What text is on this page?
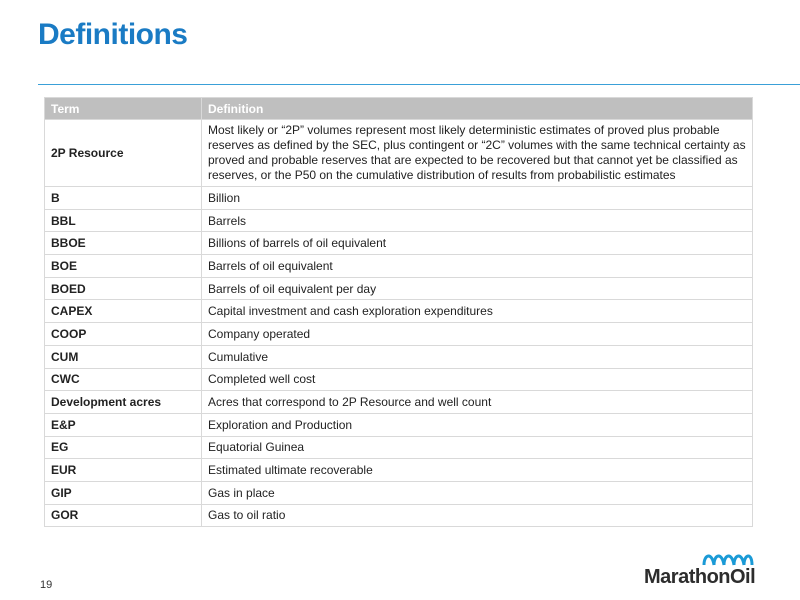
Definitions
Term	Definition
2P Resource	Most likely or “2P” volumes represent most likely deterministic estimates of proved plus probable reserves as defined by the SEC, plus contingent or “2C” volumes with the same technical certainty as proved and probable reserves that are expected to be recovered but that cannot yet be classified as reserves, or the P50 on the cumulative distribution of results from probabilistic estimates
B	Billion
BBL	Barrels
BBOE	Billions of barrels of oil equivalent
BOE	Barrels of oil equivalent
BOED	Barrels of oil equivalent per day
CAPEX	Capital investment and cash exploration expenditures
COOP	Company operated
CUM	Cumulative
CWC	Completed well cost
Development acres	Acres that correspond to 2P Resource and well count
E&P	Exploration and Production
EG	Equatorial Guinea
EUR	Estimated ultimate recoverable
GIP	Gas in place
GOR	Gas to oil ratio
19	MarathonOil
